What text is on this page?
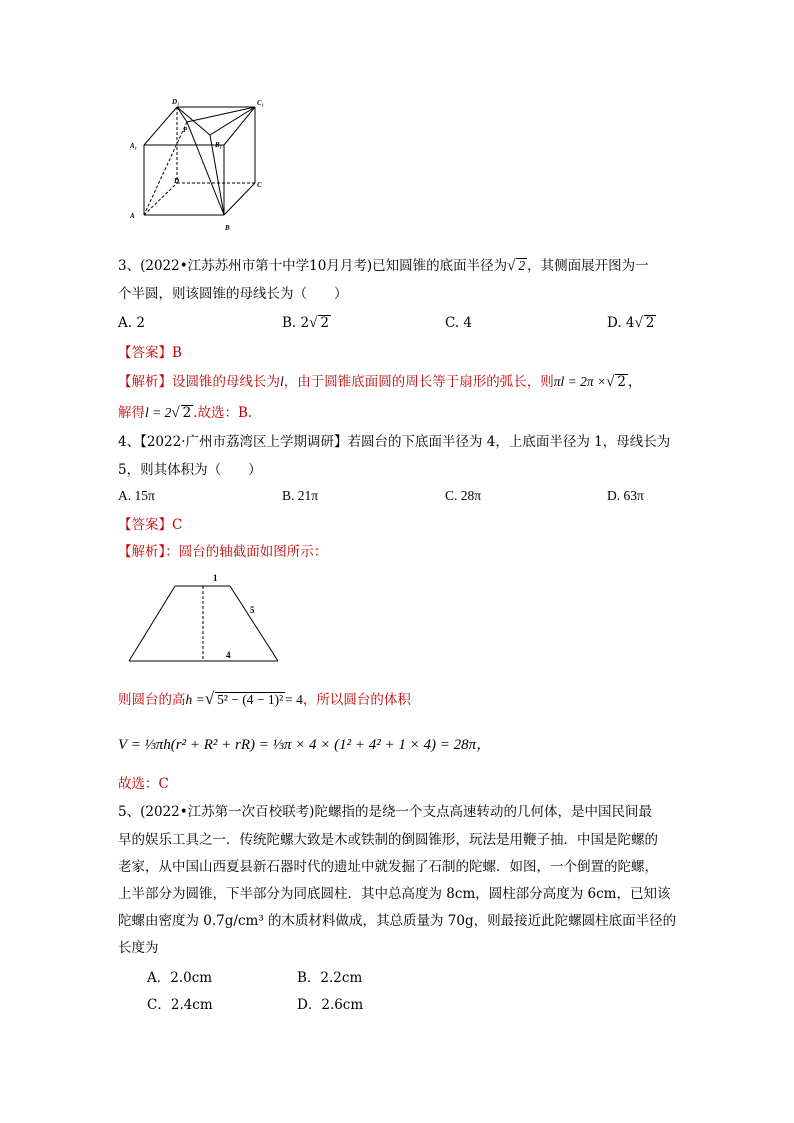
D₁	C₁
P
B₁
A₁
D	C
A
B
3、(2022•江苏苏州市第十中学10月月考)已知圆锥的底面半径为√ 2 ，其侧面展开图为一
个半圆，则该圆锥的母线长为（　　）
A. 2	B. 2√ 2	C. 4	D. 4√ 2
【答案】B
【解析】设圆锥的母线长为l，由于圆锥底面圆的周长等于扇形的弧长，则πl = 2π ×√ 2 ，
解得l = 2√ 2 .故选：B.
4、【2022·广州市荔湾区上学期调研】若圆台的下底面半径为 4，上底面半径为 1，母线长为
5，则其体积为（　　）
A. 15π	B. 21π	C. 28π	D. 63π
【答案】C
【解析】：圆台的轴截面如图所示：
1
5
4
则圆台的高h =√ 5² − (4 − 1)² = 4，所以圆台的体积
V = ⅓πh(r² + R² + rR) = ⅓π × 4 × (1² + 4² + 1 × 4) = 28π，
故选：C
5、(2022•江苏第一次百校联考)陀螺指的是绕一个支点高速转动的几何体，是中国民间最
早的娱乐工具之一．传统陀螺大致是木或铁制的倒圆锥形，玩法是用鞭子抽．中国是陀螺的
老家，从中国山西夏县新石器时代的遗址中就发掘了石制的陀螺．如图，一个倒置的陀螺，
上半部分为圆锥，下半部分为同底圆柱．其中总高度为 8cm，圆柱部分高度为 6cm，已知该
陀螺由密度为 0.7g/cm³ 的木质材料做成，其总质量为 70g，则最接近此陀螺圆柱底面半径的
长度为
A．2.0cm	B．2.2cm
C．2.4cm	D．2.6cm
